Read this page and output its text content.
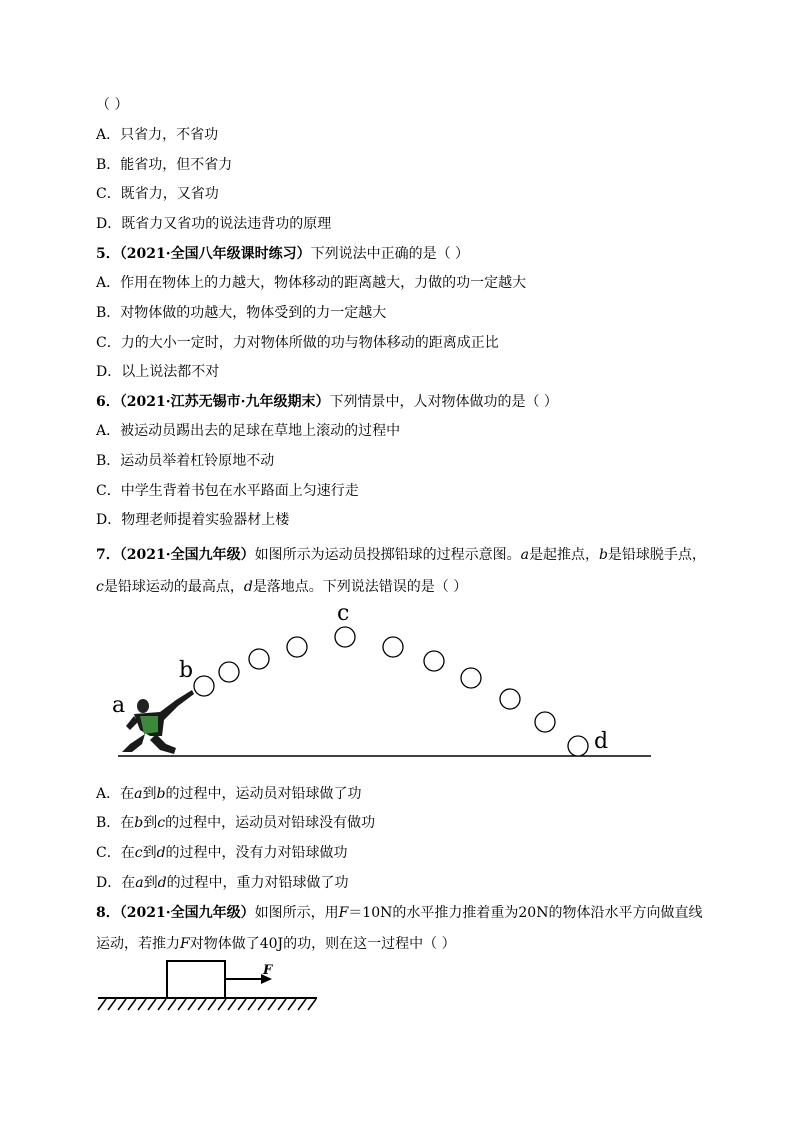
（ ）
A．只省力，不省功
B．能省功，但不省力
C．既省力，又省功
D．既省力又省功的说法违背功的原理
5．（2021·全国八年级课时练习）下列说法中正确的是（ ）
A．作用在物体上的力越大，物体移动的距离越大，力做的功一定越大
B．对物体做的功越大，物体受到的力一定越大
C．力的大小一定时，力对物体所做的功与物体移动的距离成正比
D．以上说法都不对
6．（2021·江苏无锡市·九年级期末）下列情景中，人对物体做功的是（ ）
A．被运动员踢出去的足球在草地上滚动的过程中
B．运动员举着杠铃原地不动
C．中学生背着书包在水平路面上匀速行走
D．物理老师提着实验器材上楼
7．（2021·全国九年级）如图所示为运动员投掷铅球的过程示意图。a是起推点，b是铅球脱手点，
c是铅球运动的最高点，d是落地点。下列说法错误的是（ ）
a
b
c
d
A．在a到b的过程中，运动员对铅球做了功
B．在b到c的过程中，运动员对铅球没有做功
C．在c到d的过程中，没有力对铅球做功
D．在a到d的过程中，重力对铅球做了功
8．（2021·全国九年级）如图所示，用F＝10N的水平推力推着重为20N的物体沿水平方向做直线
运动，若推力F对物体做了40J的功，则在这一过程中（ ）
F
